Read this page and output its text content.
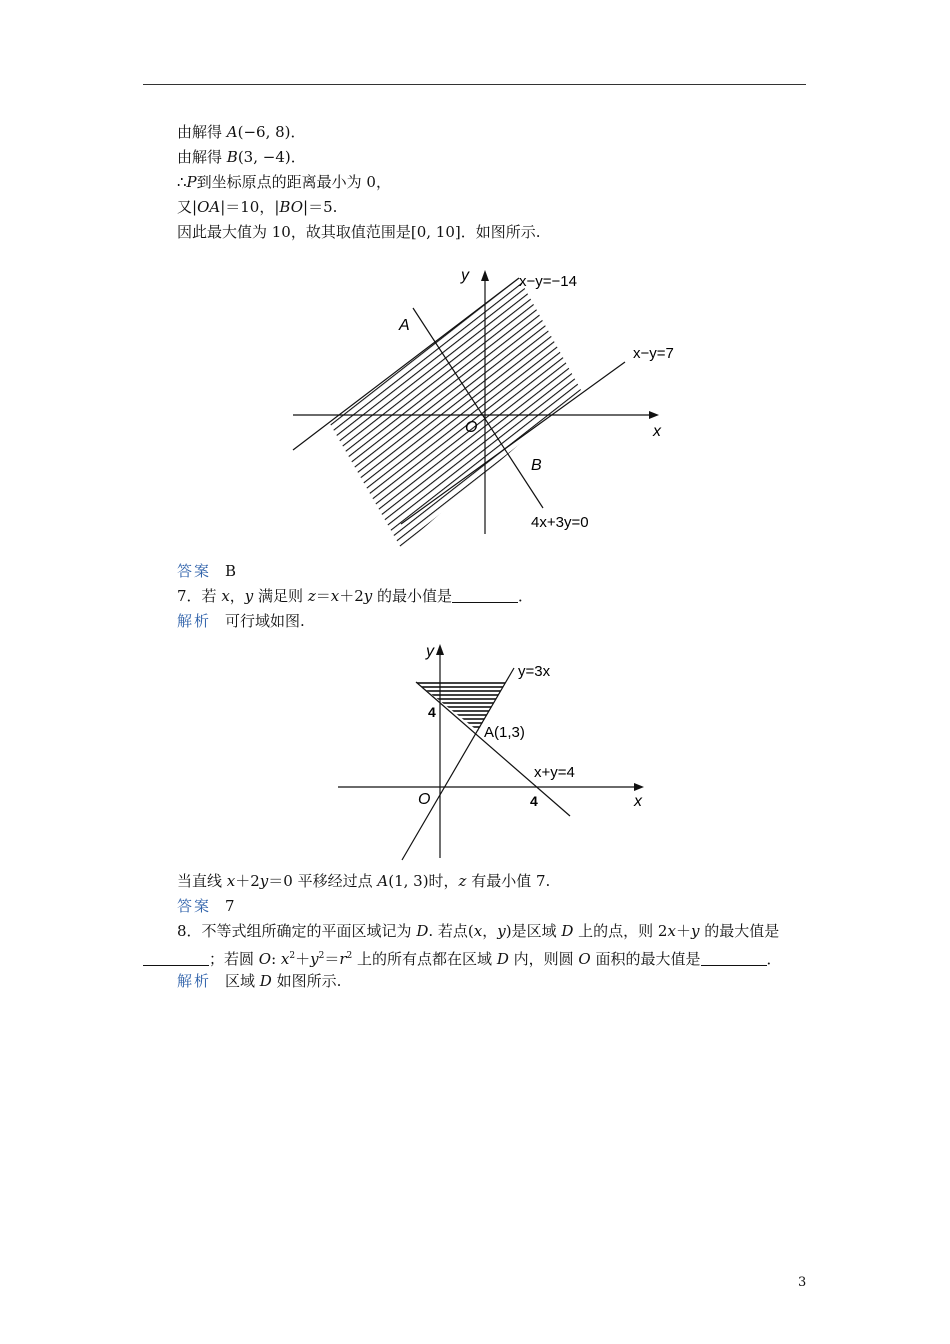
由解得 A(−6, 8)．
由解得 B(3, −4)．
∴P到坐标原点的距离最小为 0，
又|OA|＝10，|BO|＝5.
因此最大值为 10，故其取值范围是[0, 10]．如图所示.
y
x
O
A
B
x−y=−14
x−y=7
4x+3y=0
答案 B
7．若 x，y 满足则 z＝x＋2y 的最小值是	．
解析 可行域如图.
y
x
O
4
4
y=3x
A(1,3)
x+y=4
当直线 x＋2y＝0 平移经过点 A(1, 3)时，z 有最小值 7.
答案 7
8．不等式组所确定的平面区域记为 D. 若点(x，y)是区域 D 上的点，则 2x＋y 的最大值是
；若圆 O: $x^2+y^2=r^2$ 上的所有点都在区域 D 内，则圆 O 面积的最大值是	．
解析 区域 D 如图所示.
3
